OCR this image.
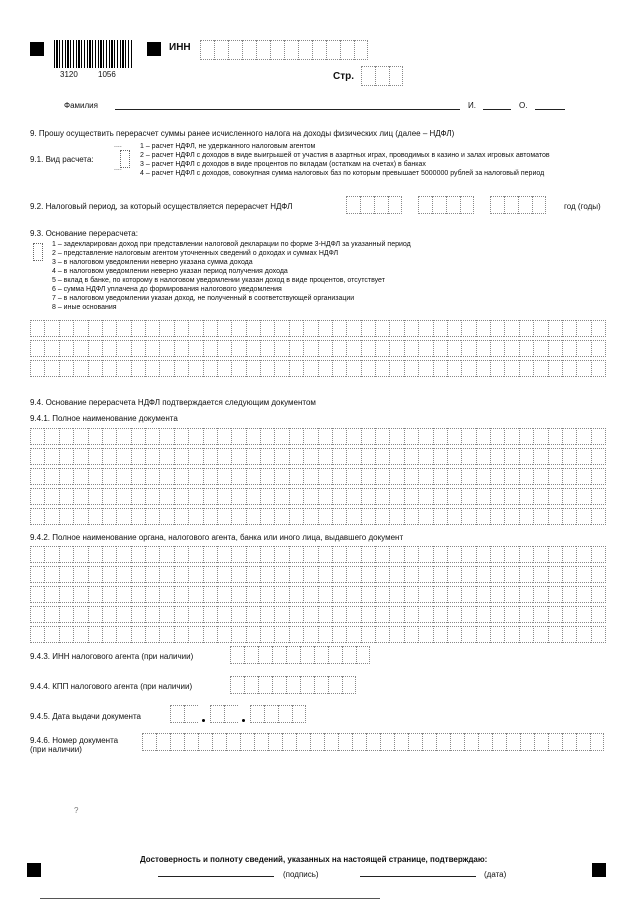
3120	1056
ИНН
Стр.
Фамилия	И.	О.
9. Прошу осуществить перерасчет суммы ранее исчисленного налога на доходы физических лиц (далее – НДФЛ)
9.1. Вид расчета:
....
....
1 – расчет НДФЛ, не удержанного налоговым агентом
2 – расчет НДФЛ с доходов в виде выигрышей от участия в азартных играх, проводимых в казино и залах игровых автоматов
3 – расчет НДФЛ с доходов в виде процентов по вкладам (остаткам на счетах) в банках
4 – расчет НДФЛ с доходов, совокупная сумма налоговых баз по которым превышает 5000000 рублей за налоговый период
9.2. Налоговый период, за который осуществляется перерасчет НДФЛ	год (годы)
9.3. Основание перерасчета:
1 – задекларирован доход при представлении налоговой декларации по форме 3-НДФЛ за указанный период
2 – представление налоговым агентом уточненных сведений о доходах и суммах НДФЛ
3 – в налоговом уведомлении неверно указана сумма дохода
4 – в налоговом уведомлении неверно указан период получения дохода
5 – вклад в банке, по которому в налоговом уведомлении указан доход в виде процентов, отсутствует
6 – сумма НДФЛ уплачена до формирования налогового уведомления
7 – в налоговом уведомлении указан доход, не полученный в соответствующей организации
8 – иные основания
9.4. Основание перерасчета НДФЛ подтверждается следующим документом
9.4.1. Полное наименование документа
9.4.2. Полное наименование органа, налогового агента, банка или иного лица, выдавшего документ
9.4.3. ИНН налогового агента (при наличии)
9.4.4. КПП налогового агента (при наличии)
9.4.5. Дата выдачи документа
9.4.6. Номер документа
(при наличии)
?
Достоверность и полноту сведений, указанных на настоящей странице, подтверждаю:
(подпись)	(дата)
